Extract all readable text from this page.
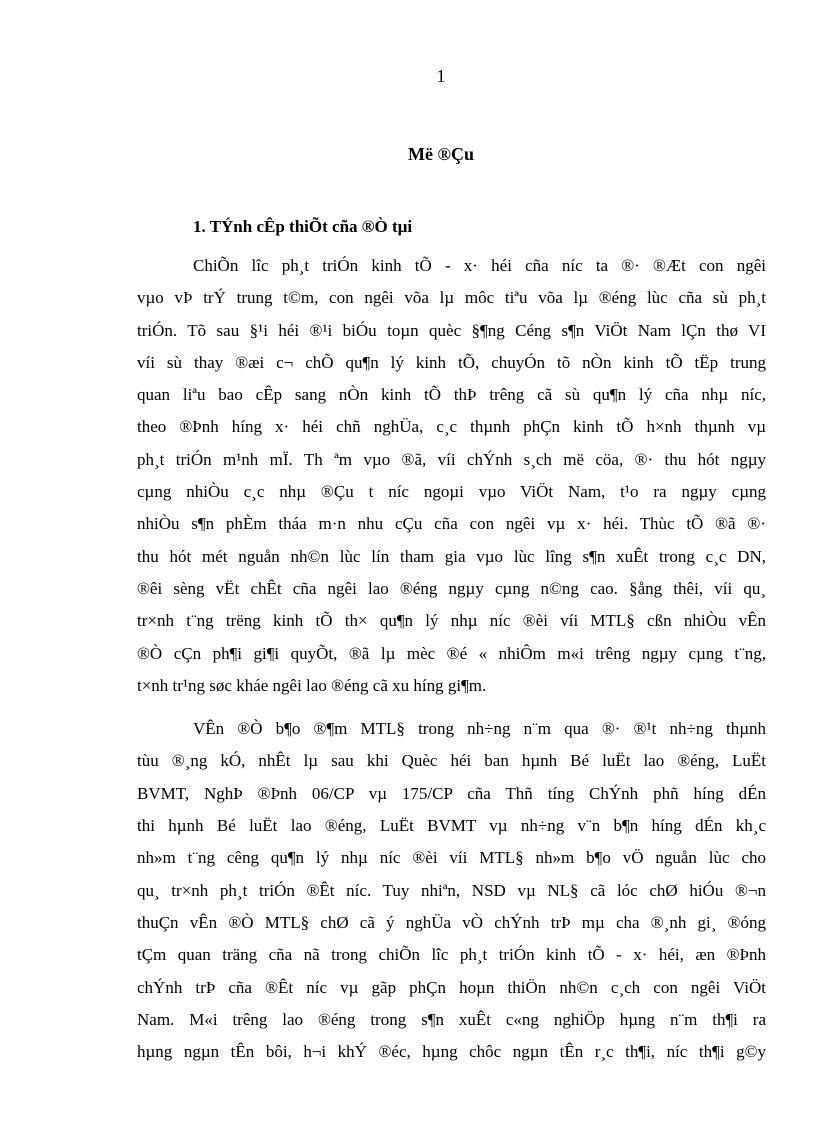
1
Më ®Çu
1. TÝnh cÊp thiÕt cña ®Ò tµi
ChiÕn lîc ph¸t triÓn kinh tÕ - x· héi cña níc ta ®· ®Æt con ngêi
vµo vÞ trÝ trung t©m, con ngêi võa lµ môc tiªu võa lµ ®éng lùc cña sù ph¸t
triÓn. Tõ sau §¹i héi ®¹i biÓu toµn quèc §¶ng Céng s¶n ViÖt Nam lÇn thø VI
víi sù thay ®æi c¬ chÕ qu¶n lý kinh tÕ, chuyÓn tõ nÒn kinh tÕ tËp trung
quan liªu bao cÊp sang nÒn kinh tÕ thÞ trêng cã sù qu¶n lý cña nhµ níc,
theo ®Þnh híng x· héi chñ nghÜa, c¸c thµnh phÇn kinh tÕ h×nh thµnh vµ
ph¸t triÓn m¹nh mÏ. Th ªm vµo ®ã, víi chÝnh s¸ch më cöa, ®· thu hót ngµy
cµng nhiÒu c¸c nhµ ®Çu t níc ngoµi vµo ViÖt Nam, t¹o ra ngµy cµng
nhiÒu s¶n phÈm tháa m·n nhu cÇu cña con ngêi vµ x· héi. Thùc tÕ ®ã ®·
thu hót mét nguån nh©n lùc lín tham gia vµo lùc lîng s¶n xuÊt trong c¸c DN,
®êi sèng vËt chÊt cña ngêi lao ®éng ngµy cµng n©ng cao. §ång thêi, víi qu¸
tr×nh t¨ng trëng kinh tÕ th× qu¶n lý nhµ níc ®èi víi MTL§ cßn nhiÒu vÊn
®Ò cÇn ph¶i gi¶i quyÕt, ®ã lµ mèc ®é « nhiÔm m«i trêng ngµy cµng t¨ng,
t×nh tr¹ng søc kháe ngêi lao ®éng cã xu híng gi¶m.
VÊn ®Ò b¶o ®¶m MTL§ trong nh÷ng n¨m qua ®· ®¹t nh÷ng thµnh
tùu ®¸ng kÓ, nhÊt lµ sau khi Quèc héi ban hµnh Bé luËt lao ®éng, LuËt
BVMT, NghÞ ®Þnh 06/CP vµ 175/CP cña Thñ tíng ChÝnh phñ híng dÉn
thi hµnh Bé luËt lao ®éng, LuËt BVMT vµ nh÷ng v¨n b¶n híng dÉn kh¸c
nh»m t¨ng cêng qu¶n lý nhµ níc ®èi víi MTL§ nh»m b¶o vÖ nguån lùc cho
qu¸ tr×nh ph¸t triÓn ®Êt níc. Tuy nhiªn, NSD vµ NL§ cã lóc chØ hiÓu ®¬n
thuÇn vÊn ®Ò MTL§ chØ cã ý nghÜa vÒ chÝnh trÞ mµ cha ®¸nh gi¸ ®óng
tÇm quan träng cña nã trong chiÕn lîc ph¸t triÓn kinh tÕ - x· héi, æn ®Þnh
chÝnh trÞ cña ®Êt níc vµ gãp phÇn hoµn thiÖn nh©n c¸ch con ngêi ViÖt
Nam. M«i trêng lao ®éng trong s¶n xuÊt c«ng nghiÖp hµng n¨m th¶i ra
hµng ngµn tÊn bôi, h¬i khÝ ®éc, hµng chôc ngµn tÊn r¸c th¶i, níc th¶i g©y
